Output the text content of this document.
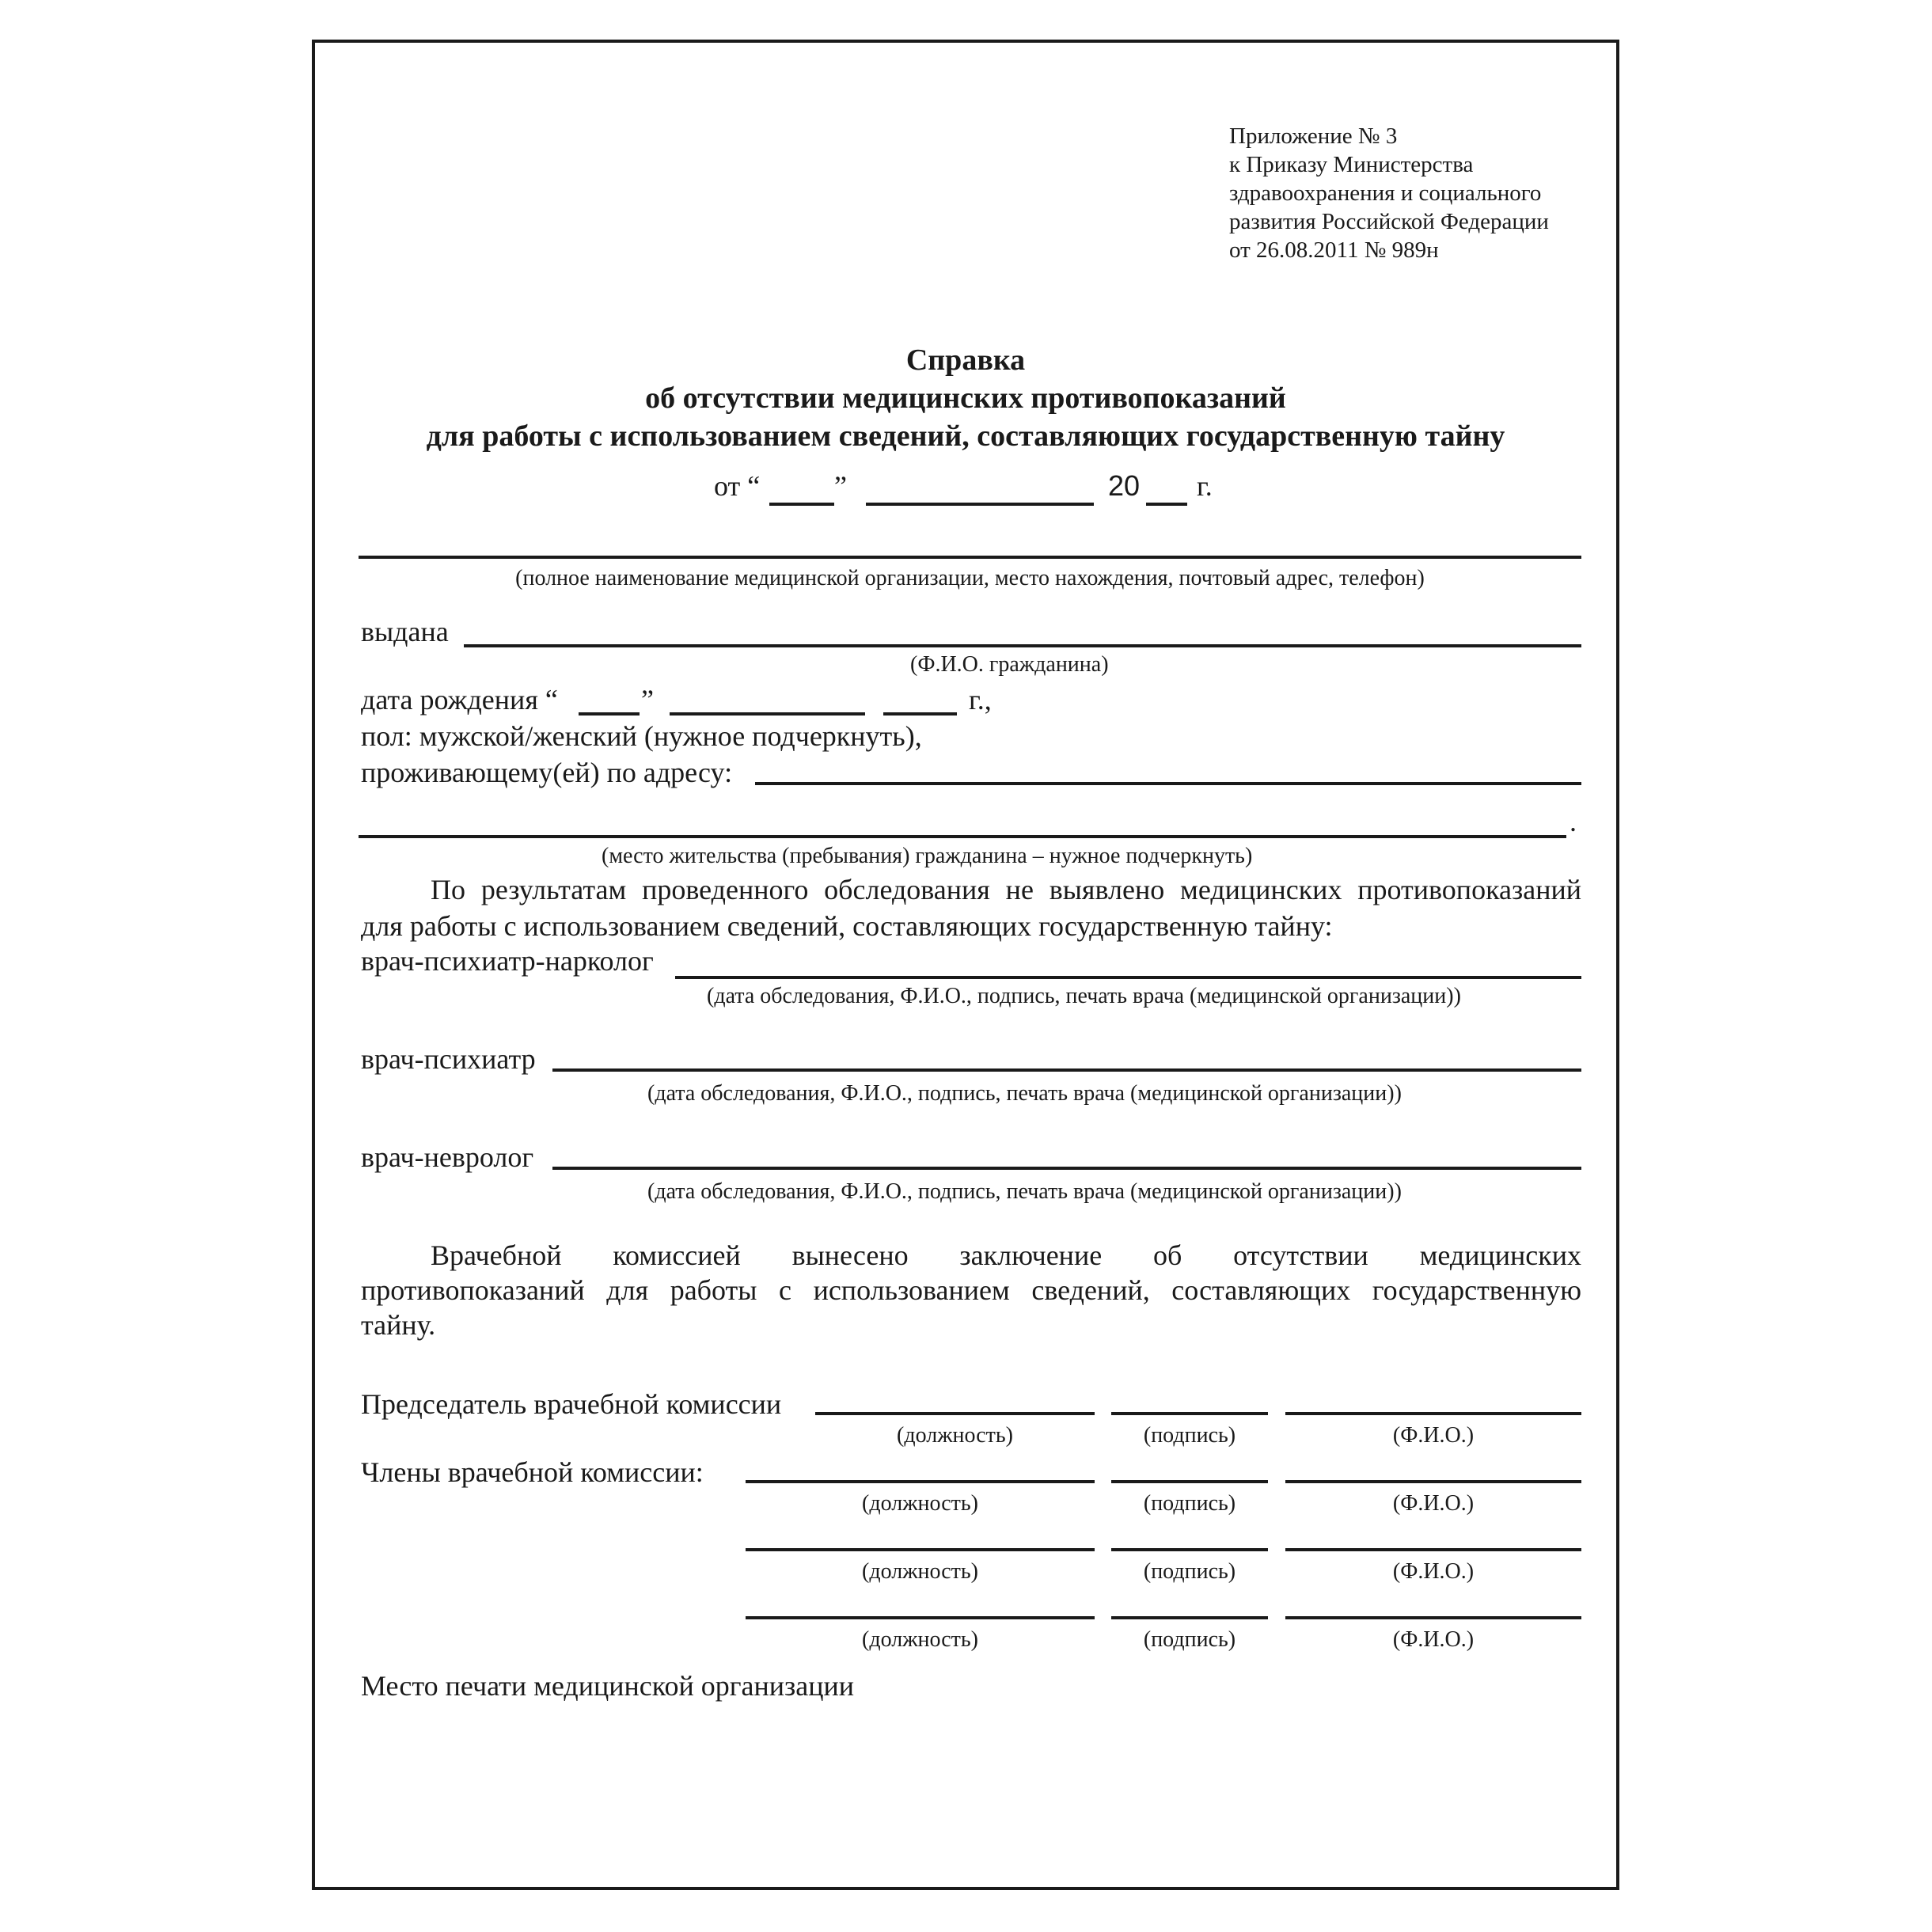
Приложение № 3
к Приказу Министерства
здравоохранения и социального
развития Российской Федерации
от 26.08.2011 № 989н
Справка
об отсутствии медицинских противопоказаний
для работы с использованием сведений, составляющих государственную тайну
от “	”	20 г.
(полное наименование медицинской организации, место нахождения, почтовый адрес, телефон)
выдана
(Ф.И.О. гражданина)
дата рождения “	”	г.,
пол: мужской/женский (нужное подчеркнуть),
проживающему(ей) по адресу:
.
(место жительства (пребывания) гражданина – нужное подчеркнуть)
По результатам проведенного обследования не выявлено медицинских противопоказаний
для работы с использованием сведений, составляющих государственную тайну:
врач-психиатр-нарколог
(дата обследования, Ф.И.О., подпись, печать врача (медицинской организации))
врач-психиатр
(дата обследования, Ф.И.О., подпись, печать врача (медицинской организации))
врач-невролог
(дата обследования, Ф.И.О., подпись, печать врача (медицинской организации))
Врачебной комиссией вынесено заключение об отсутствии медицинских
противопоказаний для работы с использованием сведений, составляющих государственную
тайну.
Председатель врачебной комиссии
(должность)	(подпись)	(Ф.И.О.)
Члены врачебной комиссии:
(должность)	(подпись)	(Ф.И.О.)
(должность)	(подпись)	(Ф.И.О.)
(должность)	(подпись)	(Ф.И.О.)
Место печати медицинской организации
